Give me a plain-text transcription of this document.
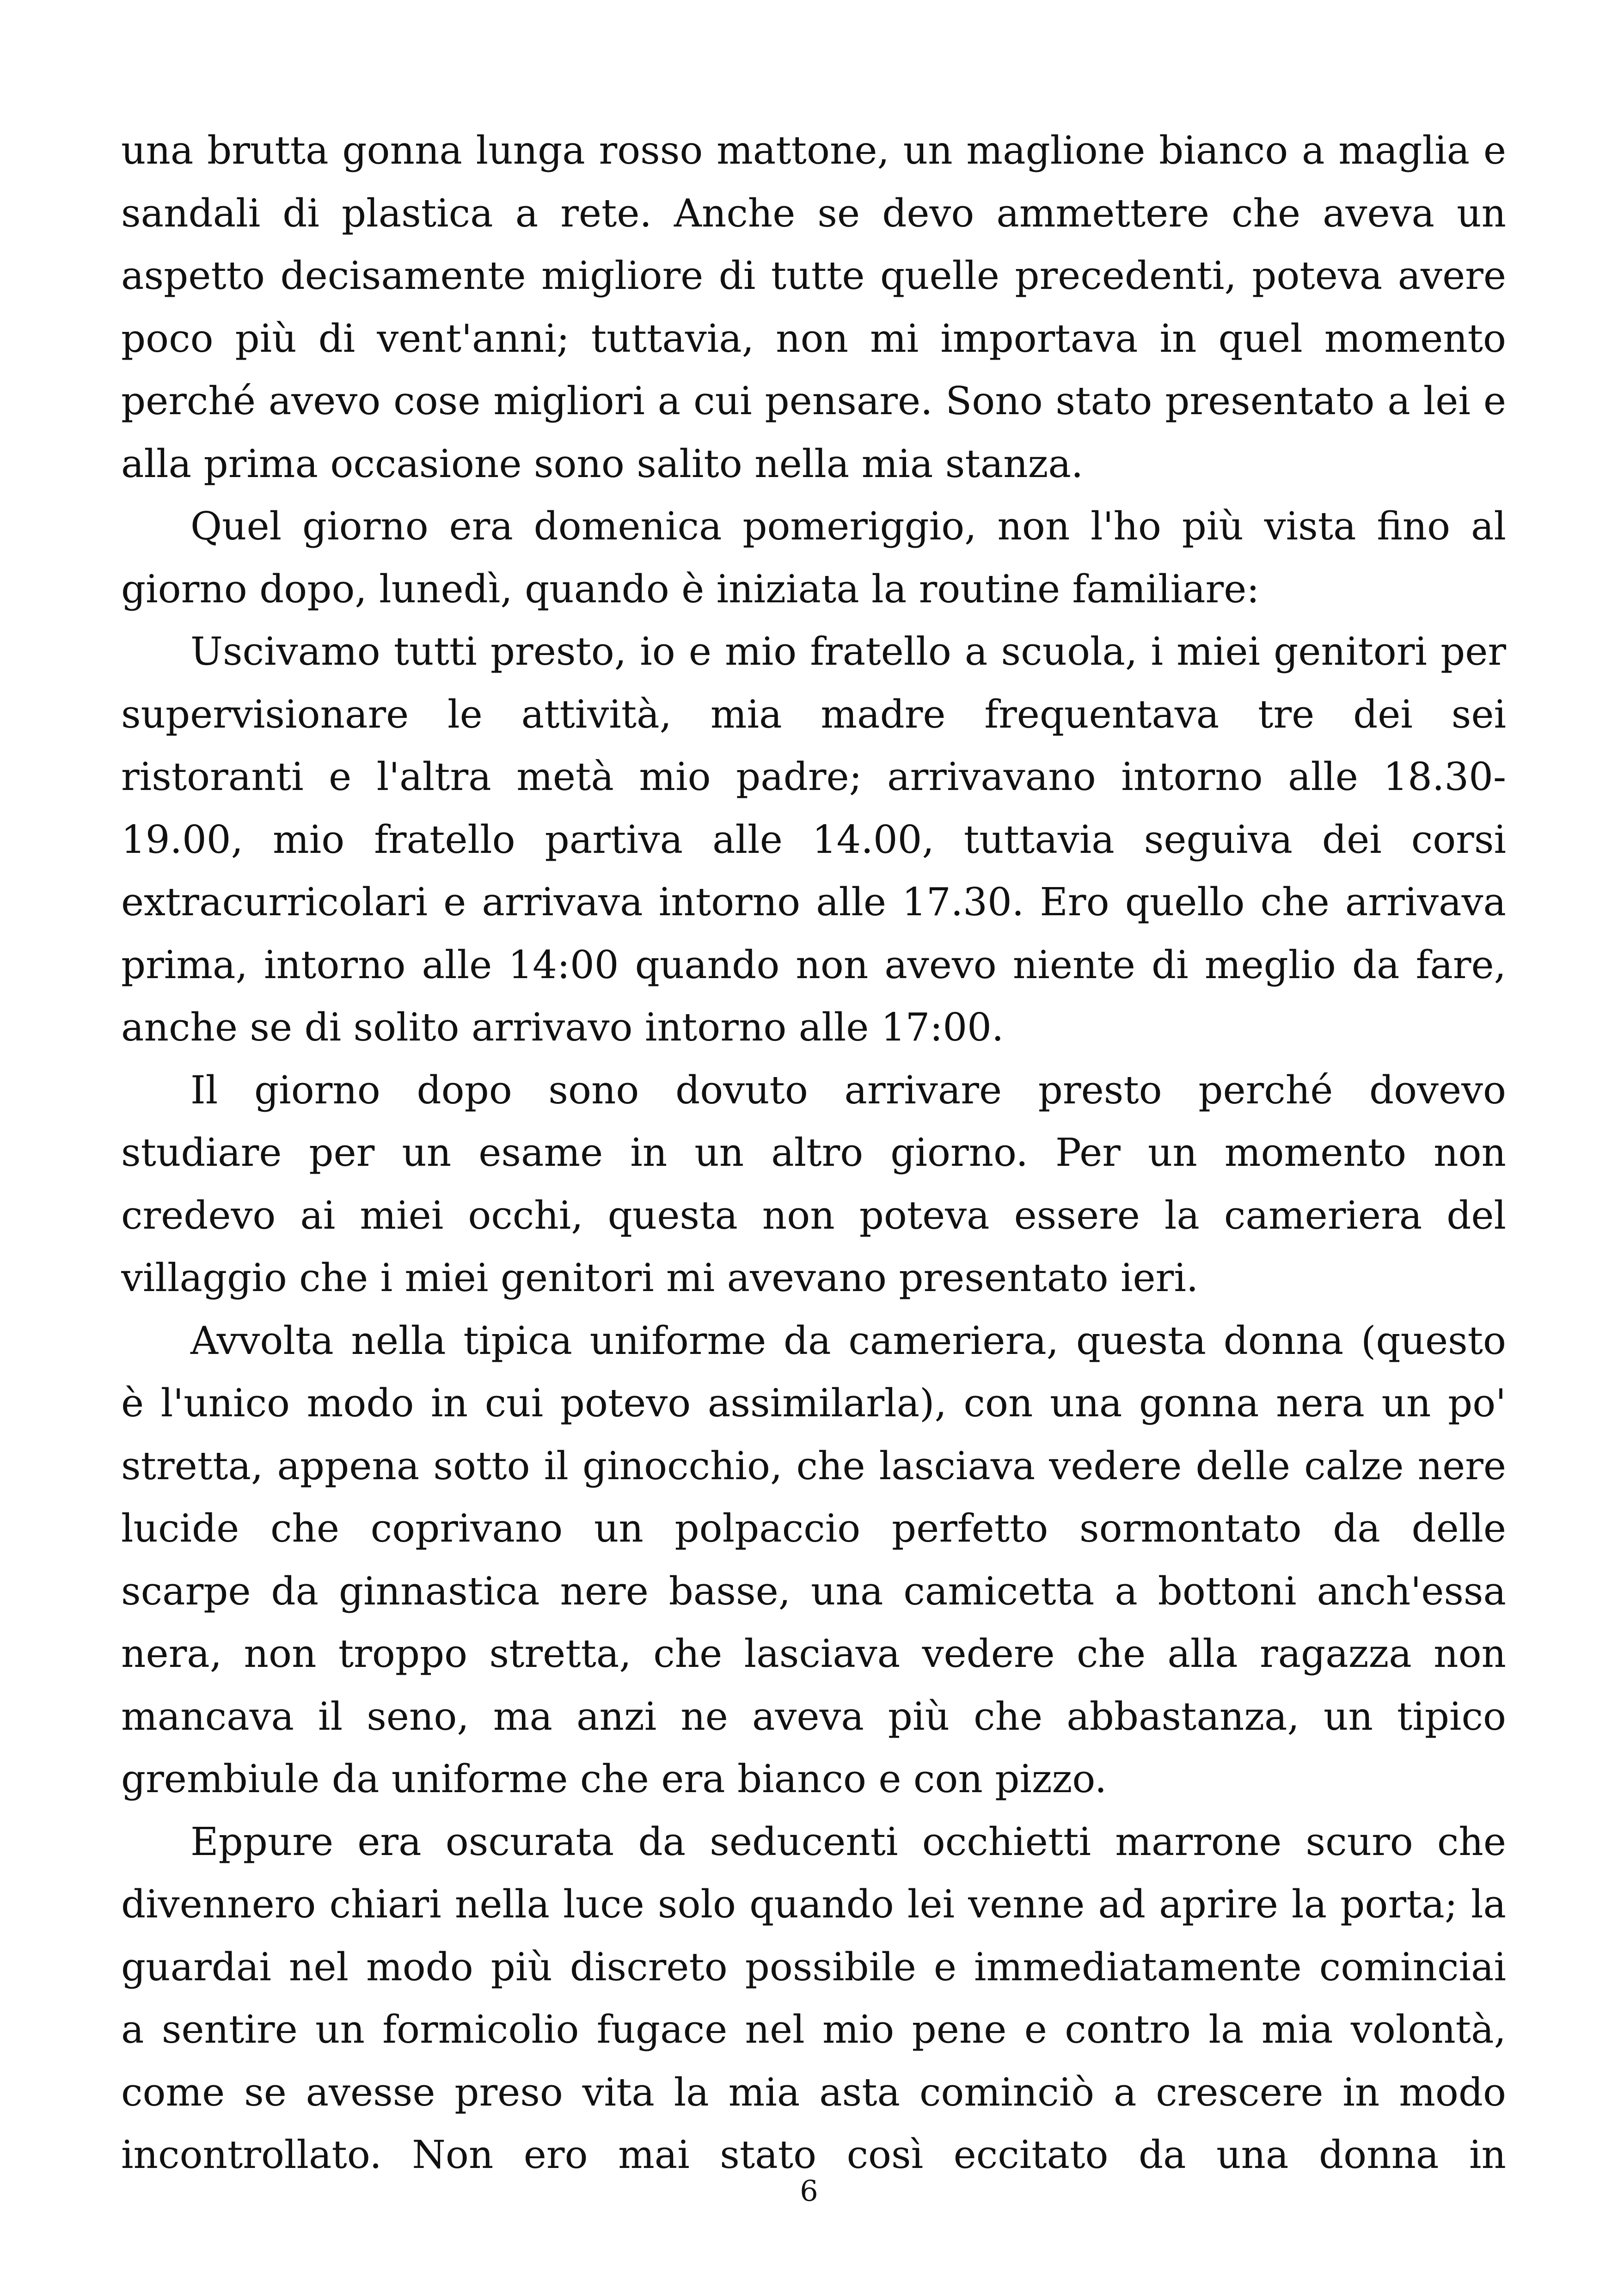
una brutta gonna lunga rosso mattone, un maglione bianco a maglia e
sandali di plastica a rete. Anche se devo ammettere che aveva un
aspetto decisamente migliore di tutte quelle precedenti, poteva avere
poco più di vent'anni; tuttavia, non mi importava in quel momento
perché avevo cose migliori a cui pensare. Sono stato presentato a lei e
alla prima occasione sono salito nella mia stanza.
Quel giorno era domenica pomeriggio, non l'ho più vista fino al
giorno dopo, lunedì, quando è iniziata la routine familiare:
Uscivamo tutti presto, io e mio fratello a scuola, i miei genitori per
supervisionare le attività, mia madre frequentava tre dei sei
ristoranti e l'altra metà mio padre; arrivavano intorno alle 18.30-
19.00, mio fratello partiva alle 14.00, tuttavia seguiva dei corsi
extracurricolari e arrivava intorno alle 17.30. Ero quello che arrivava
prima, intorno alle 14:00 quando non avevo niente di meglio da fare,
anche se di solito arrivavo intorno alle 17:00.
Il giorno dopo sono dovuto arrivare presto perché dovevo
studiare per un esame in un altro giorno. Per un momento non
credevo ai miei occhi, questa non poteva essere la cameriera del
villaggio che i miei genitori mi avevano presentato ieri.
Avvolta nella tipica uniforme da cameriera, questa donna (questo
è l'unico modo in cui potevo assimilarla), con una gonna nera un po'
stretta, appena sotto il ginocchio, che lasciava vedere delle calze nere
lucide che coprivano un polpaccio perfetto sormontato da delle
scarpe da ginnastica nere basse, una camicetta a bottoni anch'essa
nera, non troppo stretta, che lasciava vedere che alla ragazza non
mancava il seno, ma anzi ne aveva più che abbastanza, un tipico
grembiule da uniforme che era bianco e con pizzo.
Eppure era oscurata da seducenti occhietti marrone scuro che
divennero chiari nella luce solo quando lei venne ad aprire la porta; la
guardai nel modo più discreto possibile e immediatamente cominciai
a sentire un formicolio fugace nel mio pene e contro la mia volontà,
come se avesse preso vita la mia asta cominciò a crescere in modo
incontrollato. Non ero mai stato così eccitato da una donna in
6
